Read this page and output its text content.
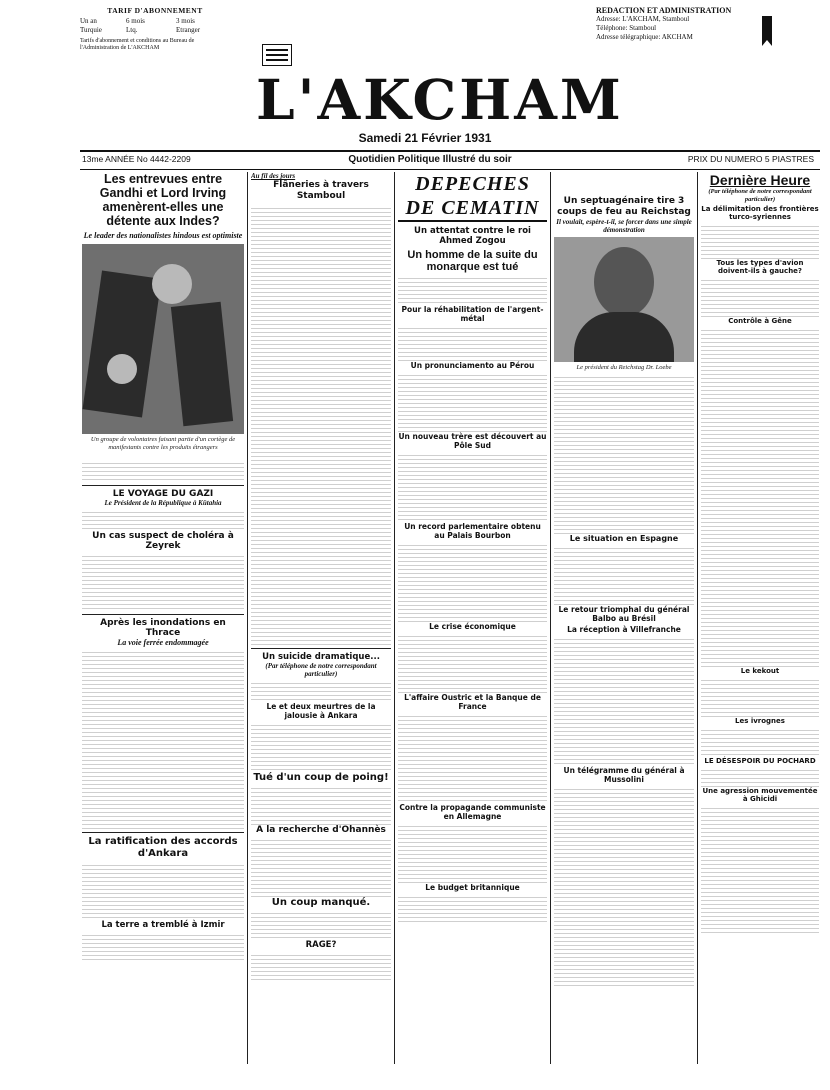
TARIF D'ABONNEMENT
Un an	6 mois	3 mois
Turquie	Ltq.	Etranger
Tarifs d'abonnement et conditions au Bureau de l'Administration de L'AKCHAM
L'AKCHAM
Samedi 21 Février 1931
REDACTION ET ADMINISTRATION
Adresse: L'AKCHAM, Stamboul
Téléphone: Stamboul
Adresse télégraphique: AKCHAM
13me ANNÉE No 4442-2209	Quotidien Politique Illustré du soir	PRIX DU NUMERO 5 PIASTRES
Les entrevues entre Gandhi et Lord Irving amenèrent-elles une détente aux Indes?
Le leader des nationalistes hindous est optimiste
Un groupe de volontaires faisant partie d'un cortège de manifestants contre les produits étrangers

LE VOYAGE DU GAZI
Le Président de la République à Kütahia
Un cas suspect de choléra à Zeyrek
Après les inondations en Thrace
La voie ferrée endommagée
La ratification des accords d'Ankara
La terre a tremblé à Izmir
Au fil des jours
Flâneries à travers Stamboul
Un suicide dramatique...
(Par téléphone de notre correspondant particulier)
Le et deux meurtres de la jalousie à Ankara
Tué d'un coup de poing!
A la recherche d'Ohannès
Un coup manqué.
RAGE?
DEPECHES DE CEMATIN
Un attentat contre le roi Ahmed Zogou
Un homme de la suite du monarque est tué
Pour la réhabilitation de l'argent-métal
Un pronunciamento au Pérou
Un nouveau trère est découvert au Pôle Sud
Un record parlementaire obtenu au Palais Bourbon
Le crise économique
L'affaire Oustric et la Banque de France
Contre la propagande communiste en Allemagne
Le budget britannique
Un septuagénaire tire 3 coups de feu au Reichstag
Il voulait, espère-t-il, se forcer dans une simple démonstration
Le président du Reichstag Dr. Loebe
Le situation en Espagne
Le retour triomphal du général Balbo au Brésil
La réception à Villefranche
Un télégramme du général à Mussolini
Dernière Heure
(Par téléphone de notre correspondant particulier)
La délimitation des frontières turco-syriennes
Tous les types d'avion doivent-ils à gauche?
Contrôle à Gêne
Le kekout
Les ivrognes
LE DÉSESPOIR DU POCHARD
Une agression mouvementée à Ghicidi
